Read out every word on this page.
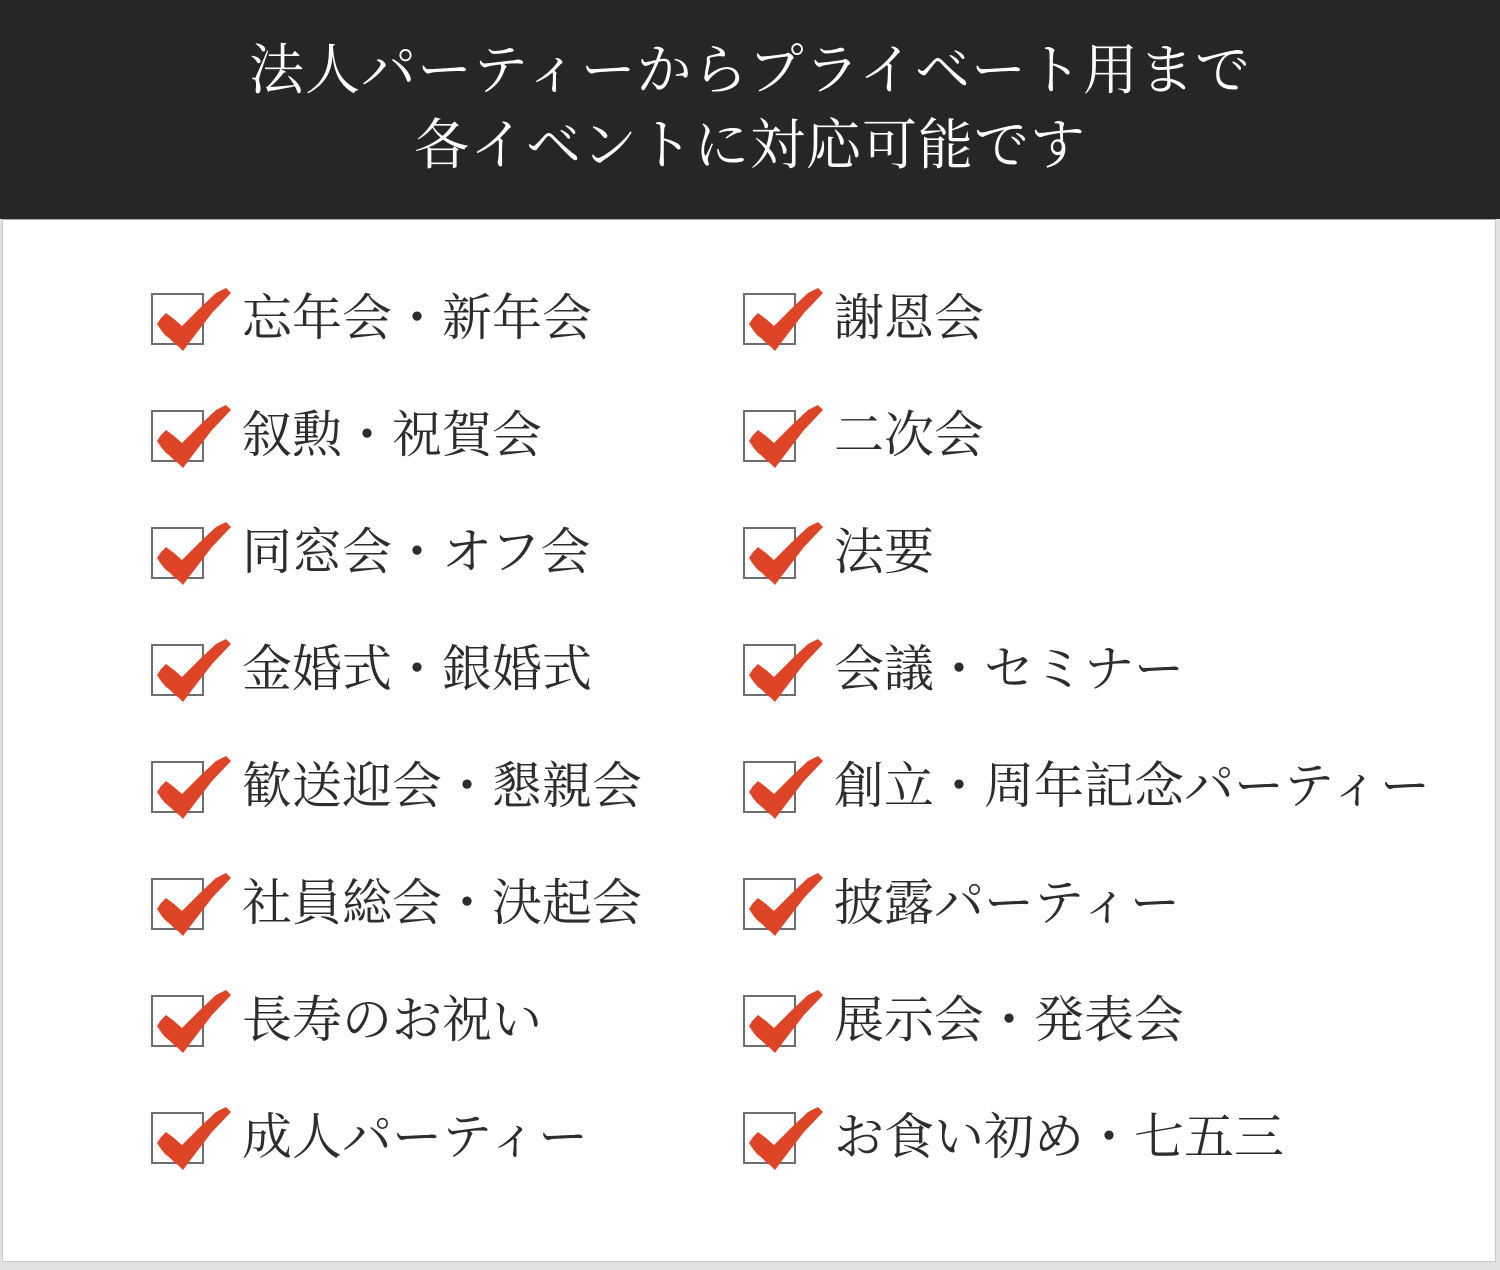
法人パーティーからプライベート用まで
各イベントに対応可能です
忘年会・新年会
叙勲・祝賀会
同窓会・オフ会
金婚式・銀婚式
歓送迎会・懇親会
社員総会・決起会
長寿のお祝い
成人パーティー
謝恩会
二次会
法要
会議・セミナー
創立・周年記念パーティー
披露パーティー
展示会・発表会
お食い初め・七五三
